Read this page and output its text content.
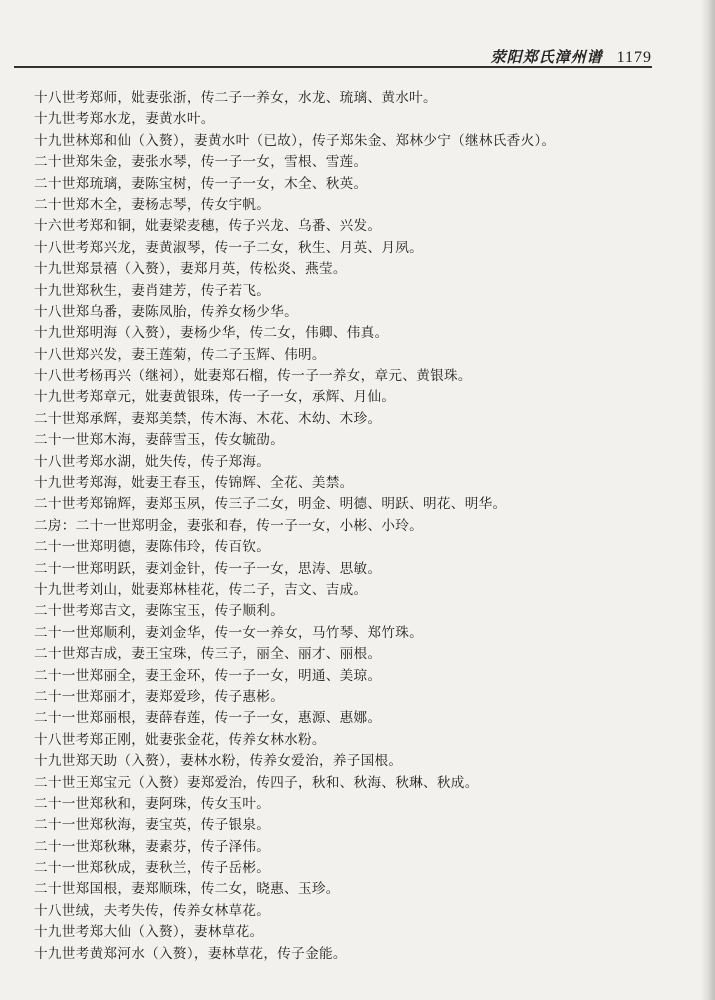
荥阳郑氏漳州谱 1179
十八世考郑师，妣妻张浙，传二子一养女，水龙、琉璃、黄水叶。
十九世考郑水龙，妻黄水叶。
十九世林郑和仙（入赘），妻黄水叶（已故），传子郑朱金、郑林少宁（继林氏香火）。
二十世郑朱金，妻张水琴，传一子一女，雪根、雪莲。
二十世郑琉璃，妻陈宝树，传一子一女，木全、秋英。
二十世郑木全，妻杨志琴，传女宇帆。
十六世考郑和铜，妣妻梁麦穗，传子兴龙、乌番、兴发。
十八世考郑兴龙，妻黄淑琴，传一子二女，秋生、月英、月夙。
十九世郑景禧（入赘），妻郑月英，传松炎、燕莹。
十九世郑秋生，妻肖建芳，传子若飞。
十八世郑乌番，妻陈凤胎，传养女杨少华。
十九世郑明海（入赘），妻杨少华，传二女，伟卿、伟真。
十八世郑兴发，妻王莲菊，传二子玉辉、伟明。
十八世考杨再兴（继祠），妣妻郑石榴，传一子一养女，章元、黄银珠。
十九世考郑章元，妣妻黄银珠，传一子一女，承辉、月仙。
二十世郑承辉，妻郑美禁，传木海、木花、木幼、木珍。
二十一世郑木海，妻薛雪玉，传女毓劭。
十八世考郑水湖，妣失传，传子郑海。
十九世考郑海，妣妻王春玉，传锦辉、全花、美禁。
二十世考郑锦辉，妻郑玉夙，传三子二女，明金、明德、明跃、明花、明华。
二房：二十一世郑明金，妻张和春，传一子一女，小彬、小玲。
二十一世郑明德，妻陈伟玲，传百钦。
二十一世郑明跃，妻刘金针，传一子一女，思涛、思敏。
十九世考刘山，妣妻郑林桂花，传二子，吉文、吉成。
二十世考郑吉文，妻陈宝玉，传子顺利。
二十一世郑顺利，妻刘金华，传一女一养女，马竹琴、郑竹珠。
二十世郑吉成，妻王宝珠，传三子，丽全、丽才、丽根。
二十一世郑丽全，妻王金环，传一子一女，明通、美琼。
二十一世郑丽才，妻郑爱珍，传子惠彬。
二十一世郑丽根，妻薛春莲，传一子一女，惠源、惠娜。
十八世考郑正刚，妣妻张金花，传养女林水粉。
十九世郑天助（入赘），妻林水粉，传养女爱治，养子国根。
二十世王郑宝元（入赘）妻郑爱治，传四子，秋和、秋海、秋琳、秋成。
二十一世郑秋和，妻阿珠，传女玉叶。
二十一世郑秋海，妻宝英，传子银泉。
二十一世郑秋琳，妻素芬，传子泽伟。
二十一世郑秋成，妻秋兰，传子岳彬。
二十世郑国根，妻郑顺珠，传二女，晓惠、玉珍。
十八世绒，夫考失传，传养女林草花。
十九世考郑大仙（入赘），妻林草花。
十九世考黄郑河水（入赘），妻林草花，传子金能。
